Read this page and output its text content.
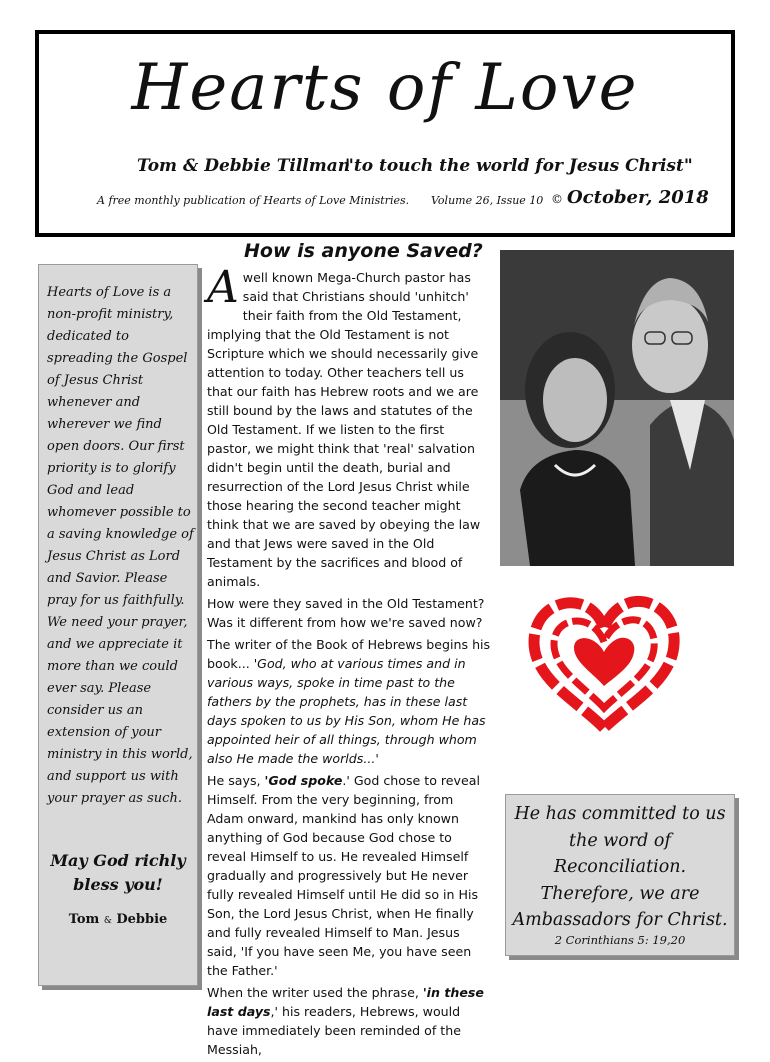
Hearts of Love
Tom & Debbie Tillman
"to touch the world for Jesus Christ"
A free monthly publication of Hearts of Love Ministries. Volume 26, Issue 10 © October, 2018
How is anyone Saved?
Hearts of Love is a non-profit ministry, dedicated to spreading the Gospel of Jesus Christ whenever and wherever we find open doors. Our first priority is to glorify God and lead whomever possible to a saving knowledge of Jesus Christ as Lord and Savior. Please pray for us faithfully. We need your prayer, and we appreciate it more than we could ever say. Please consider us an extension of your ministry in this world, and support us with your prayer as such.
May God richly bless you!
Tom & Debbie

Awell known Mega-Church pastor has said that Christians should 'unhitch' their faith from the Old Testament, implying that the Old Testament is not Scripture which we should necessarily give attention to today. Other teachers tell us that our faith has Hebrew roots and we are still bound by the laws and statutes of the Old Testament. If we listen to the first pastor, we might think that 'real' salvation didn't begin until the death, burial and resurrection of the Lord Jesus Christ while those hearing the second teacher might think that we are saved by obeying the law and that Jews were saved in the Old Testament by the sacrifices and blood of animals.

How were they saved in the Old Testament? Was it different from how we're saved now?

The writer of the Book of Hebrews begins his book... 'God, who at various times and in various ways, spoke in time past to the fathers by the prophets, has in these last days spoken to us by His Son, whom He has appointed heir of all things, through whom also He made the worlds...'

He says, 'God spoke.' God chose to reveal Himself. From the very beginning, from Adam onward, mankind has only known anything of God because God chose to reveal Himself to us. He revealed Himself gradually and progressively but He never fully revealed Himself until He did so in His Son, the Lord Jesus Christ, when He finally and fully revealed Himself to Man. Jesus said, 'If you have seen Me, you have seen the Father.'

When the writer used the phrase, 'in these
last days,' his readers, Hebrews, would have immediately been reminded of the Messiah,

He has committed to us the word of Reconciliation. Therefore, we are Ambassadors for Christ.
2 Corinthians 5: 19,20
